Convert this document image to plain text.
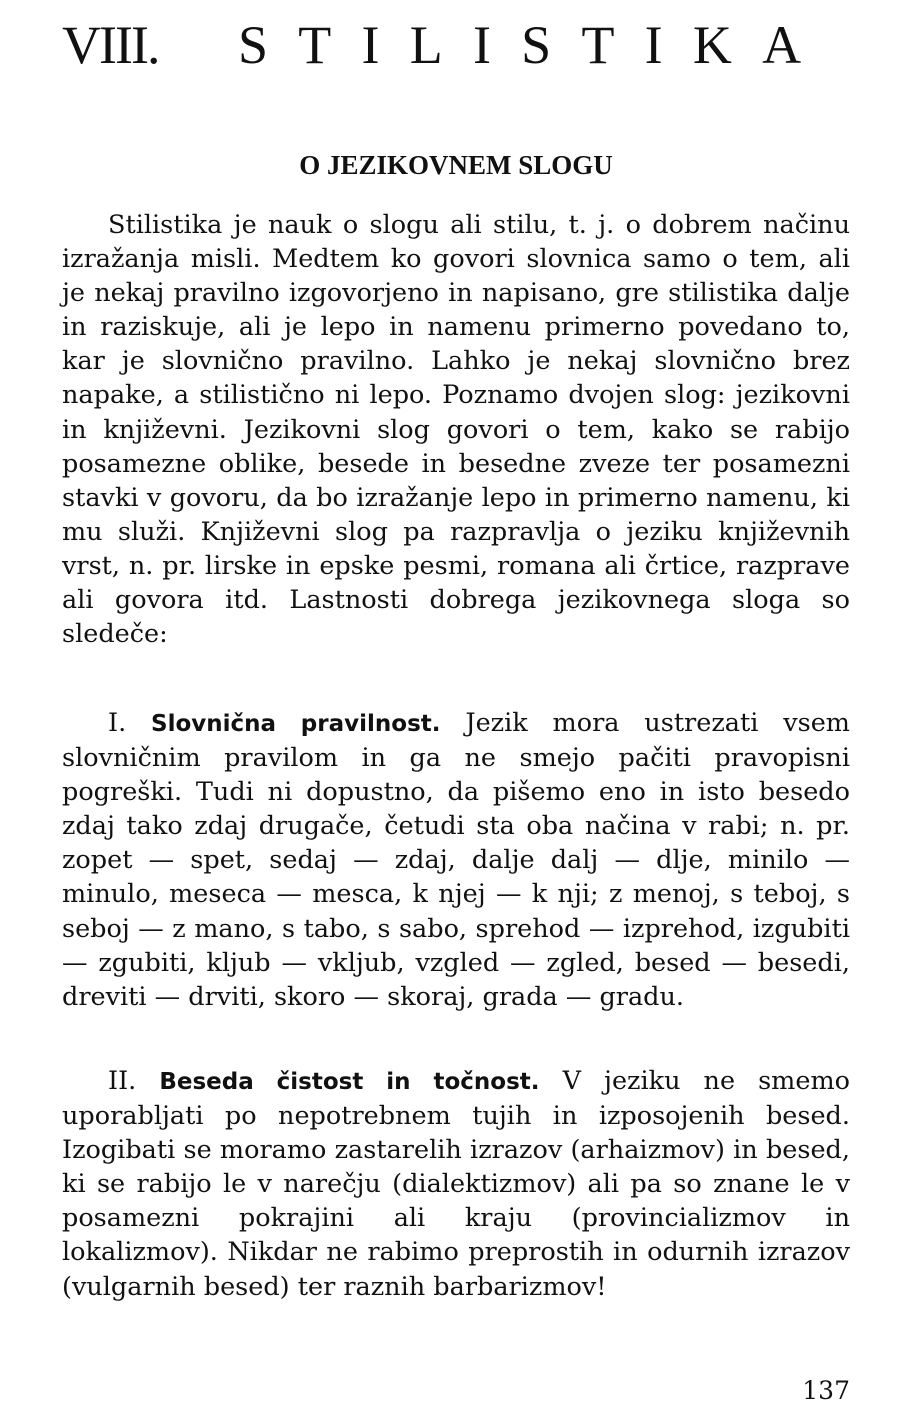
VIII. STILISTIKA
O JEZIKOVNEM SLOGU
Stilistika je nauk o slogu ali stilu, t. j. o dobrem načinu izražanja misli. Medtem ko govori slovnica samo o tem, ali je nekaj pravilno izgovorjeno in napisano, gre stilistika dalje in raziskuje, ali je lepo in namenu primerno povedano to, kar je slovnično pravilno. Lahko je nekaj slovnično brez napake, a stilistično ni lepo. Poznamo dvojen slog: jezikovni in književni. Jezikovni slog govori o tem, kako se rabijo posamezne oblike, besede in besedne zveze ter posamezni stavki v govoru, da bo izražanje lepo in primerno namenu, ki mu služi. Književni slog pa razpravlja o jeziku književnih vrst, n. pr. lirske in epske pesmi, romana ali črtice, razprave ali govora itd. Lastnosti dobrega jezikovnega sloga so sledeče:
I. Slovnična pravilnost. Jezik mora ustrezati vsem slovničnim pravilom in ga ne smejo pačiti pravopisni pogreški. Tudi ni dopustno, da pišemo eno in isto besedo zdaj tako zdaj drugače, četudi sta oba načina v rabi; n. pr. zopet — spet, sedaj — zdaj, dalje dalj — dlje, minilo — minulo, meseca — mesca, k njej — k nji; z menoj, s teboj, s seboj — z mano, s tabo, s sabo, sprehod — izprehod, izgubiti — zgubiti, kljub — vkljub, vzgled — zgled, besed — besedi, dreviti — drviti, skoro — skoraj, grada — gradu.
II. Beseda čistost in točnost. V jeziku ne smemo uporabljati po nepotrebnem tujih in izposojenih besed. Izogibati se moramo zastarelih izrazov (arhaizmov) in besed, ki se rabijo le v narečju (dialektizmov) ali pa so znane le v posamezni pokrajini ali kraju (provincializmov in lokalizmov). Nikdar ne rabimo preprostih in odurnih izrazov (vulgarnih besed) ter raznih barbarizmov!
137
